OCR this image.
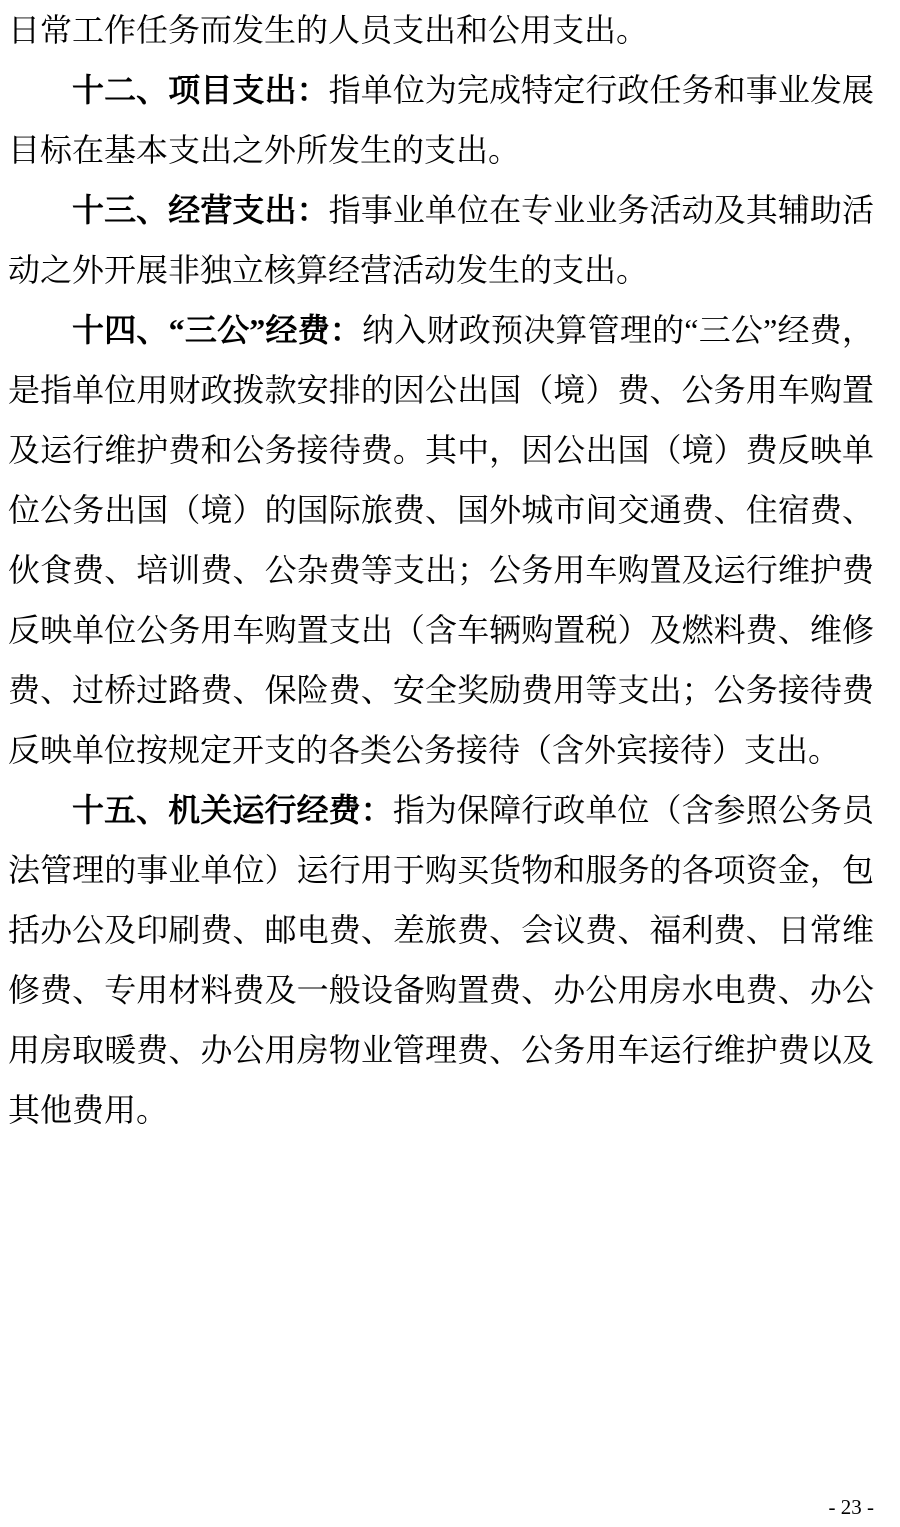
日常工作任务而发生的人员支出和公用支出。

十二、项目支出：指单位为完成特定行政任务和事业发展目标在基本支出之外所发生的支出。

十三、经营支出：指事业单位在专业业务活动及其辅助活动之外开展非独立核算经营活动发生的支出。

十四、“三公”经费：纳入财政预决算管理的“三公”经费，是指单位用财政拨款安排的因公出国（境）费、公务用车购置及运行维护费和公务接待费。其中，因公出国（境）费反映单位公务出国（境）的国际旅费、国外城市间交通费、住宿费、伙食费、培训费、公杂费等支出；公务用车购置及运行维护费反映单位公务用车购置支出（含车辆购置税）及燃料费、维修费、过桥过路费、保险费、安全奖励费用等支出；公务接待费反映单位按规定开支的各类公务接待（含外宾接待）支出。

十五、机关运行经费：指为保障行政单位（含参照公务员法管理的事业单位）运行用于购买货物和服务的各项资金，包括办公及印刷费、邮电费、差旅费、会议费、福利费、日常维修费、专用材料费及一般设备购置费、办公用房水电费、办公用房取暖费、办公用房物业管理费、公务用车运行维护费以及其他费用。

- 23 -
